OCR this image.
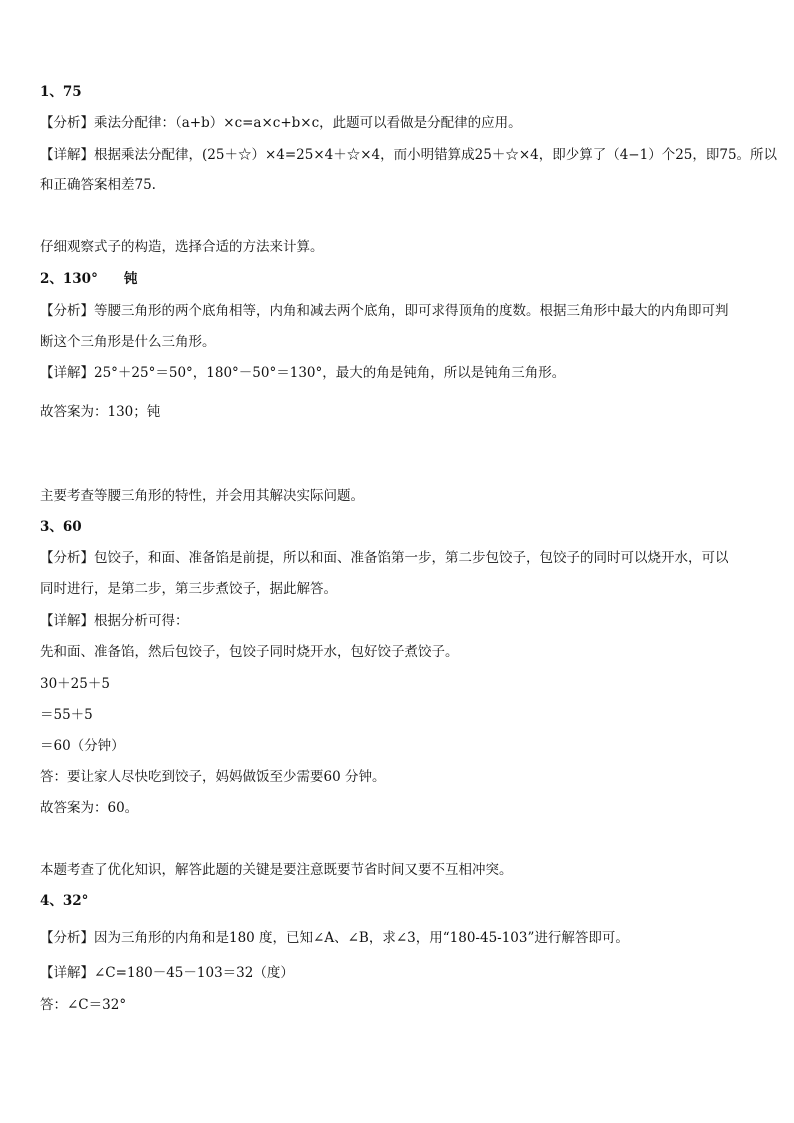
1、75
【分析】乘法分配律：（a+b）×c=a×c+b×c，此题可以看做是分配律的应用。
【详解】根据乘法分配律，(25＋☆）×4=25×4＋☆×4，而小明错算成25＋☆×4，即少算了（4−1）个25，即75。所以
和正确答案相差75.
仔细观察式子的构造，选择合适的方法来计算。
2、130° 钝
【分析】等腰三角形的两个底角相等，内角和减去两个底角，即可求得顶角的度数。根据三角形中最大的内角即可判
断这个三角形是什么三角形。
【详解】25°＋25°＝50°，180°－50°＝130°，最大的角是钝角，所以是钝角三角形。
故答案为：130；钝
主要考查等腰三角形的特性，并会用其解决实际问题。
3、60
【分析】包饺子，和面、准备馅是前提，所以和面、准备馅第一步，第二步包饺子，包饺子的同时可以烧开水，可以
同时进行，是第二步，第三步煮饺子，据此解答。
【详解】根据分析可得：
先和面、准备馅，然后包饺子，包饺子同时烧开水，包好饺子煮饺子。
30＋25＋5
＝55＋5
＝60（分钟）
答：要让家人尽快吃到饺子，妈妈做饭至少需要60 分钟。
故答案为：60。
本题考查了优化知识，解答此题的关键是要注意既要节省时间又要不互相冲突。
4、32°
【分析】因为三角形的内角和是180 度，已知∠A、∠B，求∠3，用“180-45-103”进行解答即可。
【详解】∠C=180－45－103＝32（度）
答：∠C＝32°
